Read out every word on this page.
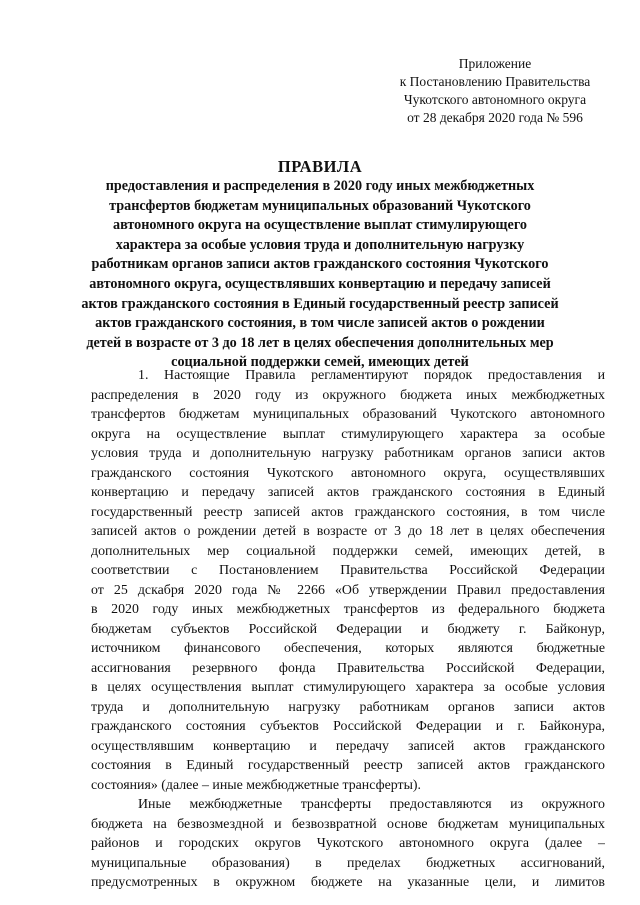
Приложение
к Постановлению Правительства
Чукотского автономного округа
от 28 декабря 2020 года № 596
ПРАВИЛА
предоставления и распределения в 2020 году иных межбюджетных
трансфертов бюджетам муниципальных образований Чукотского
автономного округа на осуществление выплат стимулирующего
характера за особые условия труда и дополнительную нагрузку
работникам органов записи актов гражданского состояния Чукотского
автономного округа, осуществлявших конвертацию и передачу записей
актов гражданского состояния в Единый государственный реестр записей
актов гражданского состояния, в том числе записей актов о рождении
детей в возрасте от 3 до 18 лет в целях обеспечения дополнительных мер
социальной поддержки семей, имеющих детей
1. Настоящие Правила регламентируют порядок предоставления и
распределения в 2020 году из окружного бюджета иных межбюджетных
трансфертов бюджетам муниципальных образований Чукотского автономного
округа на осуществление выплат стимулирующего характера за особые
условия труда и дополнительную нагрузку работникам органов записи актов
гражданского состояния Чукотского автономного округа, осуществлявших
конвертацию и передачу записей актов гражданского состояния в Единый
государственный реестр записей актов гражданского состояния, в том числе
записей актов о рождении детей в возрасте от 3 до 18 лет в целях обеспечения
дополнительных мер социальной поддержки семей, имеющих детей, в
соответствии с Постановлением Правительства Российской Федерации
от 25 дскабря 2020 года № 2266 «Об утверждении Правил предоставления
в 2020 году иных межбюджетных трансфертов из федерального бюджета
бюджетам субъектов Российской Федерации и бюджету г. Байконур,
источником финансового обеспечения, которых являются бюджетные
ассигнования резервного фонда Правительства Российской Федерации,
в целях осуществления выплат стимулирующего характера за особые условия
труда и дополнительную нагрузку работникам органов записи актов
гражданского состояния субъектов Российской Федерации и г. Байконура,
осуществлявшим конвертацию и передачу записей актов гражданского
состояния в Единый государственный реестр записей актов гражданского
состояния» (далее – иные межбюджетные трансферты).
Иные межбюджетные трансферты предоставляются из окружного
бюджета на безвозмездной и безвозвратной основе бюджетам муниципальных
районов и городских округов Чукотского автономного округа (далее –
муниципальные образования) в пределах бюджетных ассигнований,
предусмотренных в окружном бюджете на указанные цели, и лимитов
